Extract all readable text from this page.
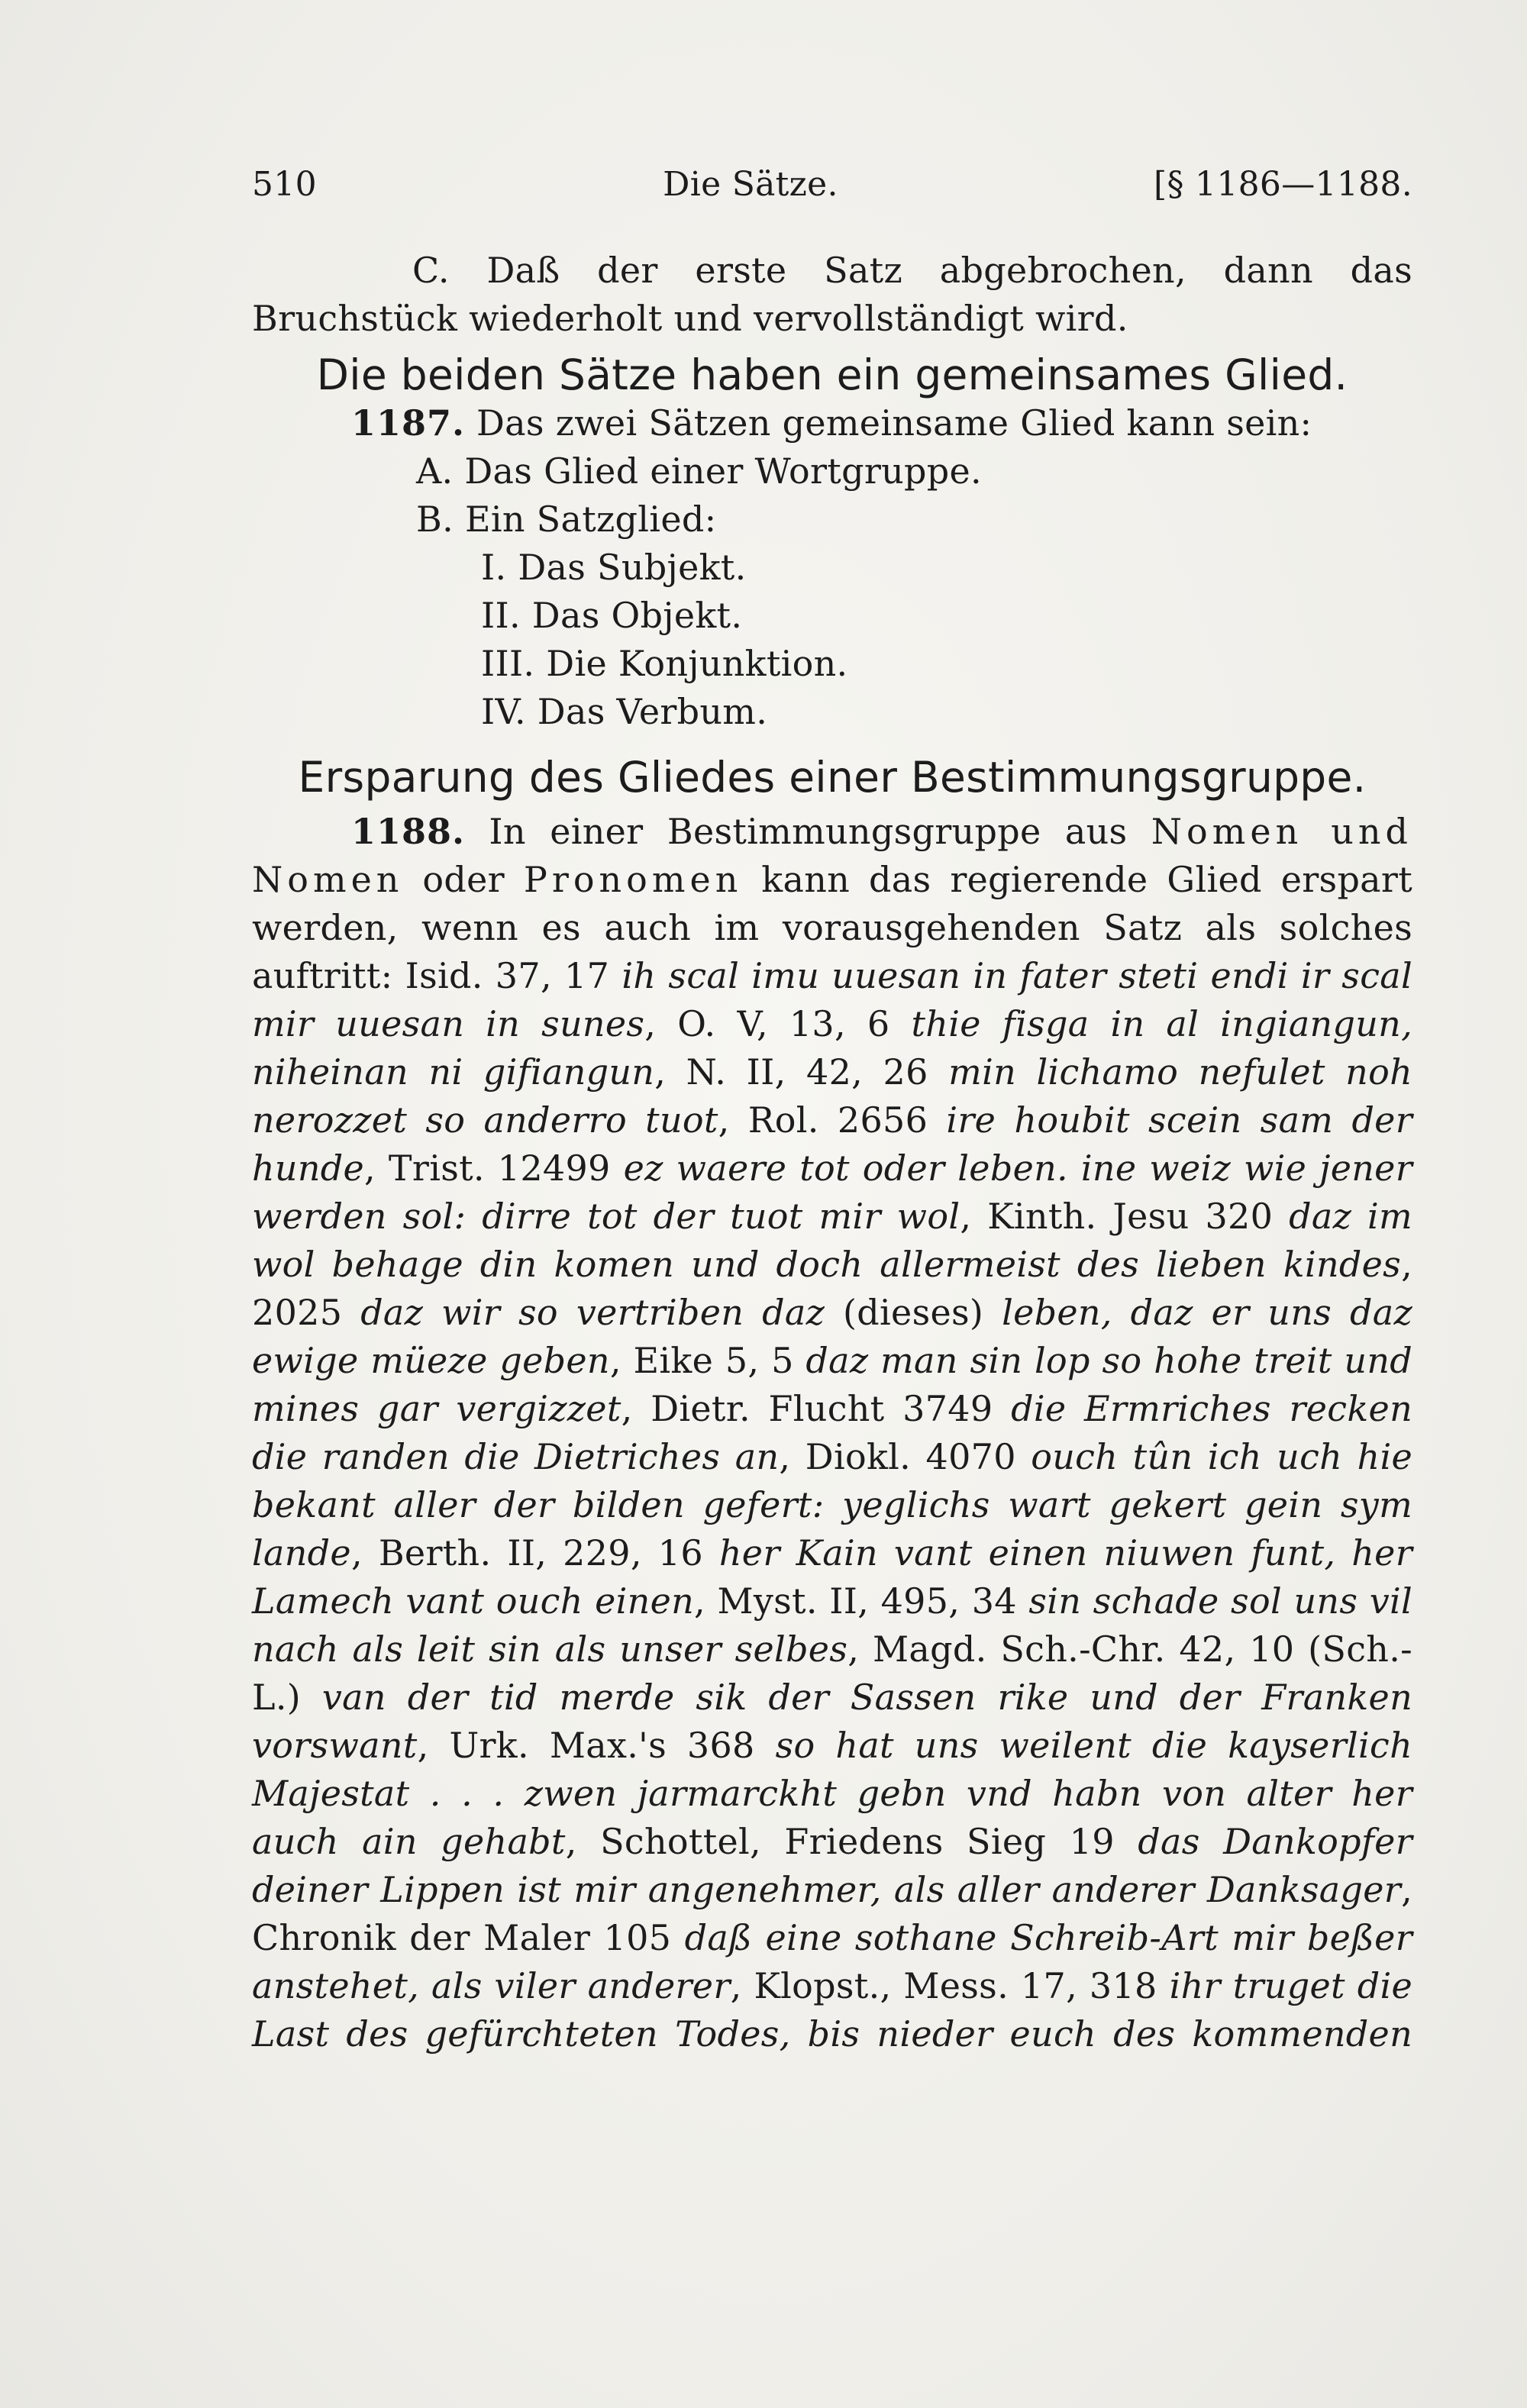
510	Die Sätze.	[§ 1186—1188.

C. Daß der erste Satz abgebrochen, dann das Bruchstück wiederholt und vervollständigt wird.

Die beiden Sätze haben ein gemeinsames Glied.

1187. Das zwei Sätzen gemeinsame Glied kann sein:

A. Das Glied einer Wortgruppe.
B. Ein Satzglied:
I. Das Subjekt.
II. Das Objekt.
III. Die Konjunktion.
IV. Das Verbum.
Ersparung des Gliedes einer Bestimmungsgruppe.

1188. In einer Bestimmungsgruppe aus Nomen und Nomen oder Pronomen kann das regierende Glied erspart werden, wenn es auch im vorausgehenden Satz als solches auftritt: Isid. 37, 17 ih scal imu uuesan in fater steti endi ir scal mir uuesan in sunes, O. V, 13, 6 thie fisga in al ingiangun, niheinan ni gifiangun, N. II, 42, 26 min lichamo nefulet noh nerozzet so anderro tuot, Rol. 2656 ire houbit scein sam der hunde, Trist. 12499 ez waere tot oder leben. ine weiz wie jener werden sol: dirre tot der tuot mir wol, Kinth. Jesu 320 daz im wol behage din komen und doch allermeist des lieben kindes, 2025 daz wir so vertriben daz (dieses) leben, daz er uns daz ewige müeze geben, Eike 5, 5 daz man sin lop so hohe treit und mines gar vergizzet, Dietr. Flucht 3749 die Ermriches recken die randen die Dietriches an, Diokl. 4070 ouch tûn ich uch hie bekant aller der bilden gefert: yeglichs wart gekert gein sym lande, Berth. II, 229, 16 her Kain vant einen niuwen funt, her Lamech vant ouch einen, Myst. II, 495, 34 sin schade sol uns vil nach als leit sin als unser selbes, Magd. Sch.-Chr. 42, 10 (Sch.-L.) van der tid merde sik der Sassen rike und der Franken vorswant, Urk. Max.'s 368 so hat uns weilent die kayserlich Majestat . . . zwen jarmarckht gebn vnd habn von alter her auch ain gehabt, Schottel, Friedens Sieg 19 das Dankopfer deiner Lippen ist mir angenehmer, als aller anderer Danksager, Chronik der Maler 105 daß eine sothane Schreib-Art mir beßer anstehet, als viler anderer, Klopst., Mess. 17, 318 ihr truget die Last des gefürchteten Todes, bis nieder euch des kommenden
